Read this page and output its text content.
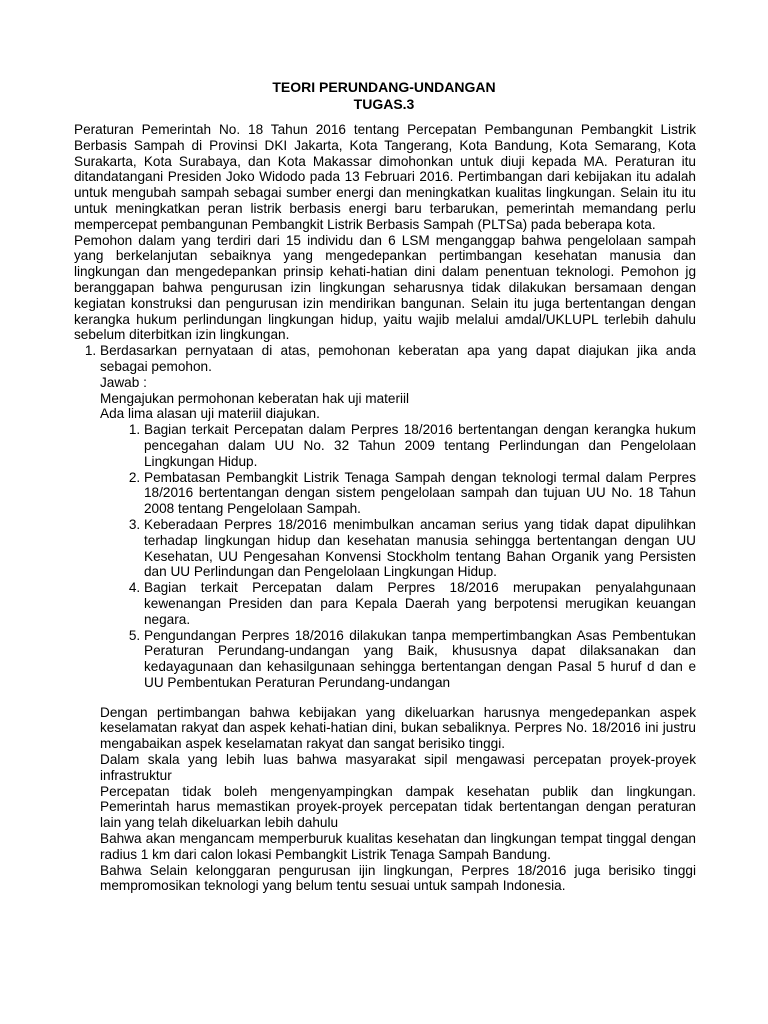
TEORI PERUNDANG-UNDANGAN
TUGAS.3

Peraturan Pemerintah No. 18 Tahun 2016 tentang Percepatan Pembangunan Pembangkit Listrik Berbasis Sampah di Provinsi DKI Jakarta, Kota Tangerang, Kota Bandung, Kota Semarang, Kota Surakarta, Kota Surabaya, dan Kota Makassar dimohonkan untuk diuji kepada MA. Peraturan itu ditandatangani Presiden Joko Widodo pada 13 Februari 2016. Pertimbangan dari kebijakan itu adalah untuk mengubah sampah sebagai sumber energi dan meningkatkan kualitas lingkungan. Selain itu itu untuk meningkatkan peran listrik berbasis energi baru terbarukan, pemerintah memandang perlu mempercepat pembangunan Pembangkit Listrik Berbasis Sampah (PLTSa) pada beberapa kota.

Pemohon dalam yang terdiri dari 15 individu dan 6 LSM menganggap bahwa pengelolaan sampah yang berkelanjutan sebaiknya yang mengedepankan pertimbangan kesehatan manusia dan lingkungan dan mengedepankan prinsip kehati-hatian dini dalam penentuan teknologi. Pemohon jg beranggapan bahwa pengurusan izin lingkungan seharusnya tidak dilakukan bersamaan dengan kegiatan konstruksi dan pengurusan izin mendirikan bangunan. Selain itu juga bertentangan dengan kerangka hukum perlindungan lingkungan hidup, yaitu wajib melalui amdal/UKLUPL terlebih dahulu sebelum diterbitkan izin lingkungan.

1. Berdasarkan pernyataan di atas, pemohonan keberatan apa yang dapat diajukan jika anda sebagai pemohon.

Jawab :

Mengajukan permohonan keberatan hak uji materiil

Ada lima alasan uji materiil diajukan.

1. Bagian terkait Percepatan dalam Perpres 18/2016 bertentangan dengan kerangka hukum pencegahan dalam UU No. 32 Tahun 2009 tentang Perlindungan dan Pengelolaan Lingkungan Hidup.
2. Pembatasan Pembangkit Listrik Tenaga Sampah dengan teknologi termal dalam Perpres 18/2016 bertentangan dengan sistem pengelolaan sampah dan tujuan UU No. 18 Tahun 2008 tentang Pengelolaan Sampah.
3. Keberadaan Perpres 18/2016 menimbulkan ancaman serius yang tidak dapat dipulihkan terhadap lingkungan hidup dan kesehatan manusia sehingga bertentangan dengan UU Kesehatan, UU Pengesahan Konvensi Stockholm tentang Bahan Organik yang Persisten dan UU Perlindungan dan Pengelolaan Lingkungan Hidup.
4. Bagian terkait Percepatan dalam Perpres 18/2016 merupakan penyalahgunaan kewenangan Presiden dan para Kepala Daerah yang berpotensi merugikan keuangan negara.
5. Pengundangan Perpres 18/2016 dilakukan tanpa mempertimbangkan Asas Pembentukan Peraturan Perundang-undangan yang Baik, khususnya dapat dilaksanakan dan kedayagunaan dan kehasilgunaan sehingga bertentangan dengan Pasal 5 huruf d dan e UU Pembentukan Peraturan Perundang-undangan

Dengan pertimbangan bahwa kebijakan yang dikeluarkan harusnya mengedepankan aspek keselamatan rakyat dan aspek kehati-hatian dini, bukan sebaliknya. Perpres No. 18/2016 ini justru mengabaikan aspek keselamatan rakyat dan sangat berisiko tinggi.

Dalam skala yang lebih luas bahwa masyarakat sipil mengawasi percepatan proyek-proyek infrastruktur

Percepatan tidak boleh mengenyampingkan dampak kesehatan publik dan lingkungan. Pemerintah harus memastikan proyek-proyek percepatan tidak bertentangan dengan peraturan lain yang telah dikeluarkan lebih dahulu

Bahwa akan mengancam memperburuk kualitas kesehatan dan lingkungan tempat tinggal dengan radius 1 km dari calon lokasi Pembangkit Listrik Tenaga Sampah Bandung.

Bahwa Selain kelonggaran pengurusan ijin lingkungan, Perpres 18/2016 juga berisiko tinggi mempromosikan teknologi yang belum tentu sesuai untuk sampah Indonesia.
